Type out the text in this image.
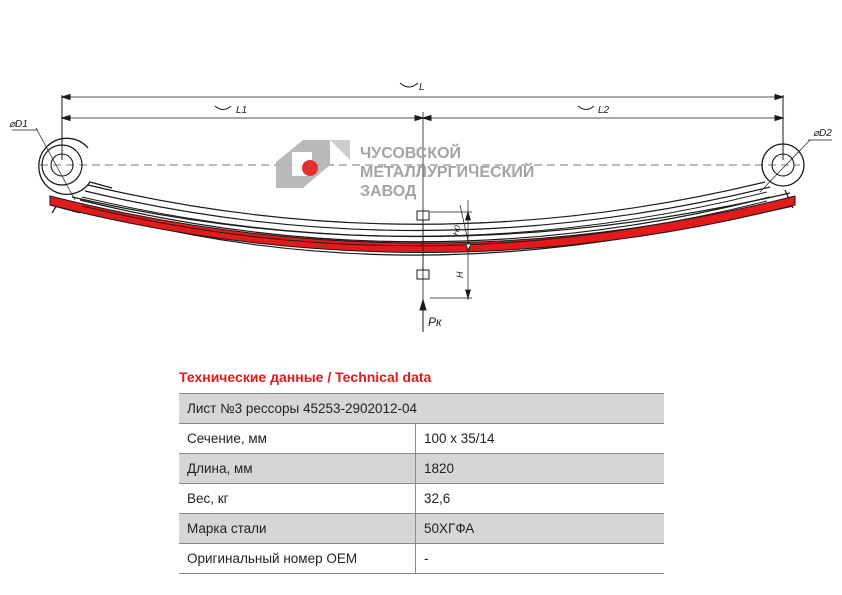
L
L1	L2
⌀D1
⌀D2
H
H0
Рк
ЧУСОВСКОЙ
МЕТАЛЛУРГИЧЕСКИЙ
ЗАВОД
Технические данные / Technical data
Лист №3 рессоры 45253-2902012-04	
Сечение, мм	100 x 35/14
Длина, мм	1820
Вес, кг	32,6
Марка стали	50ХГФА
Оригинальный номер OEM	-
